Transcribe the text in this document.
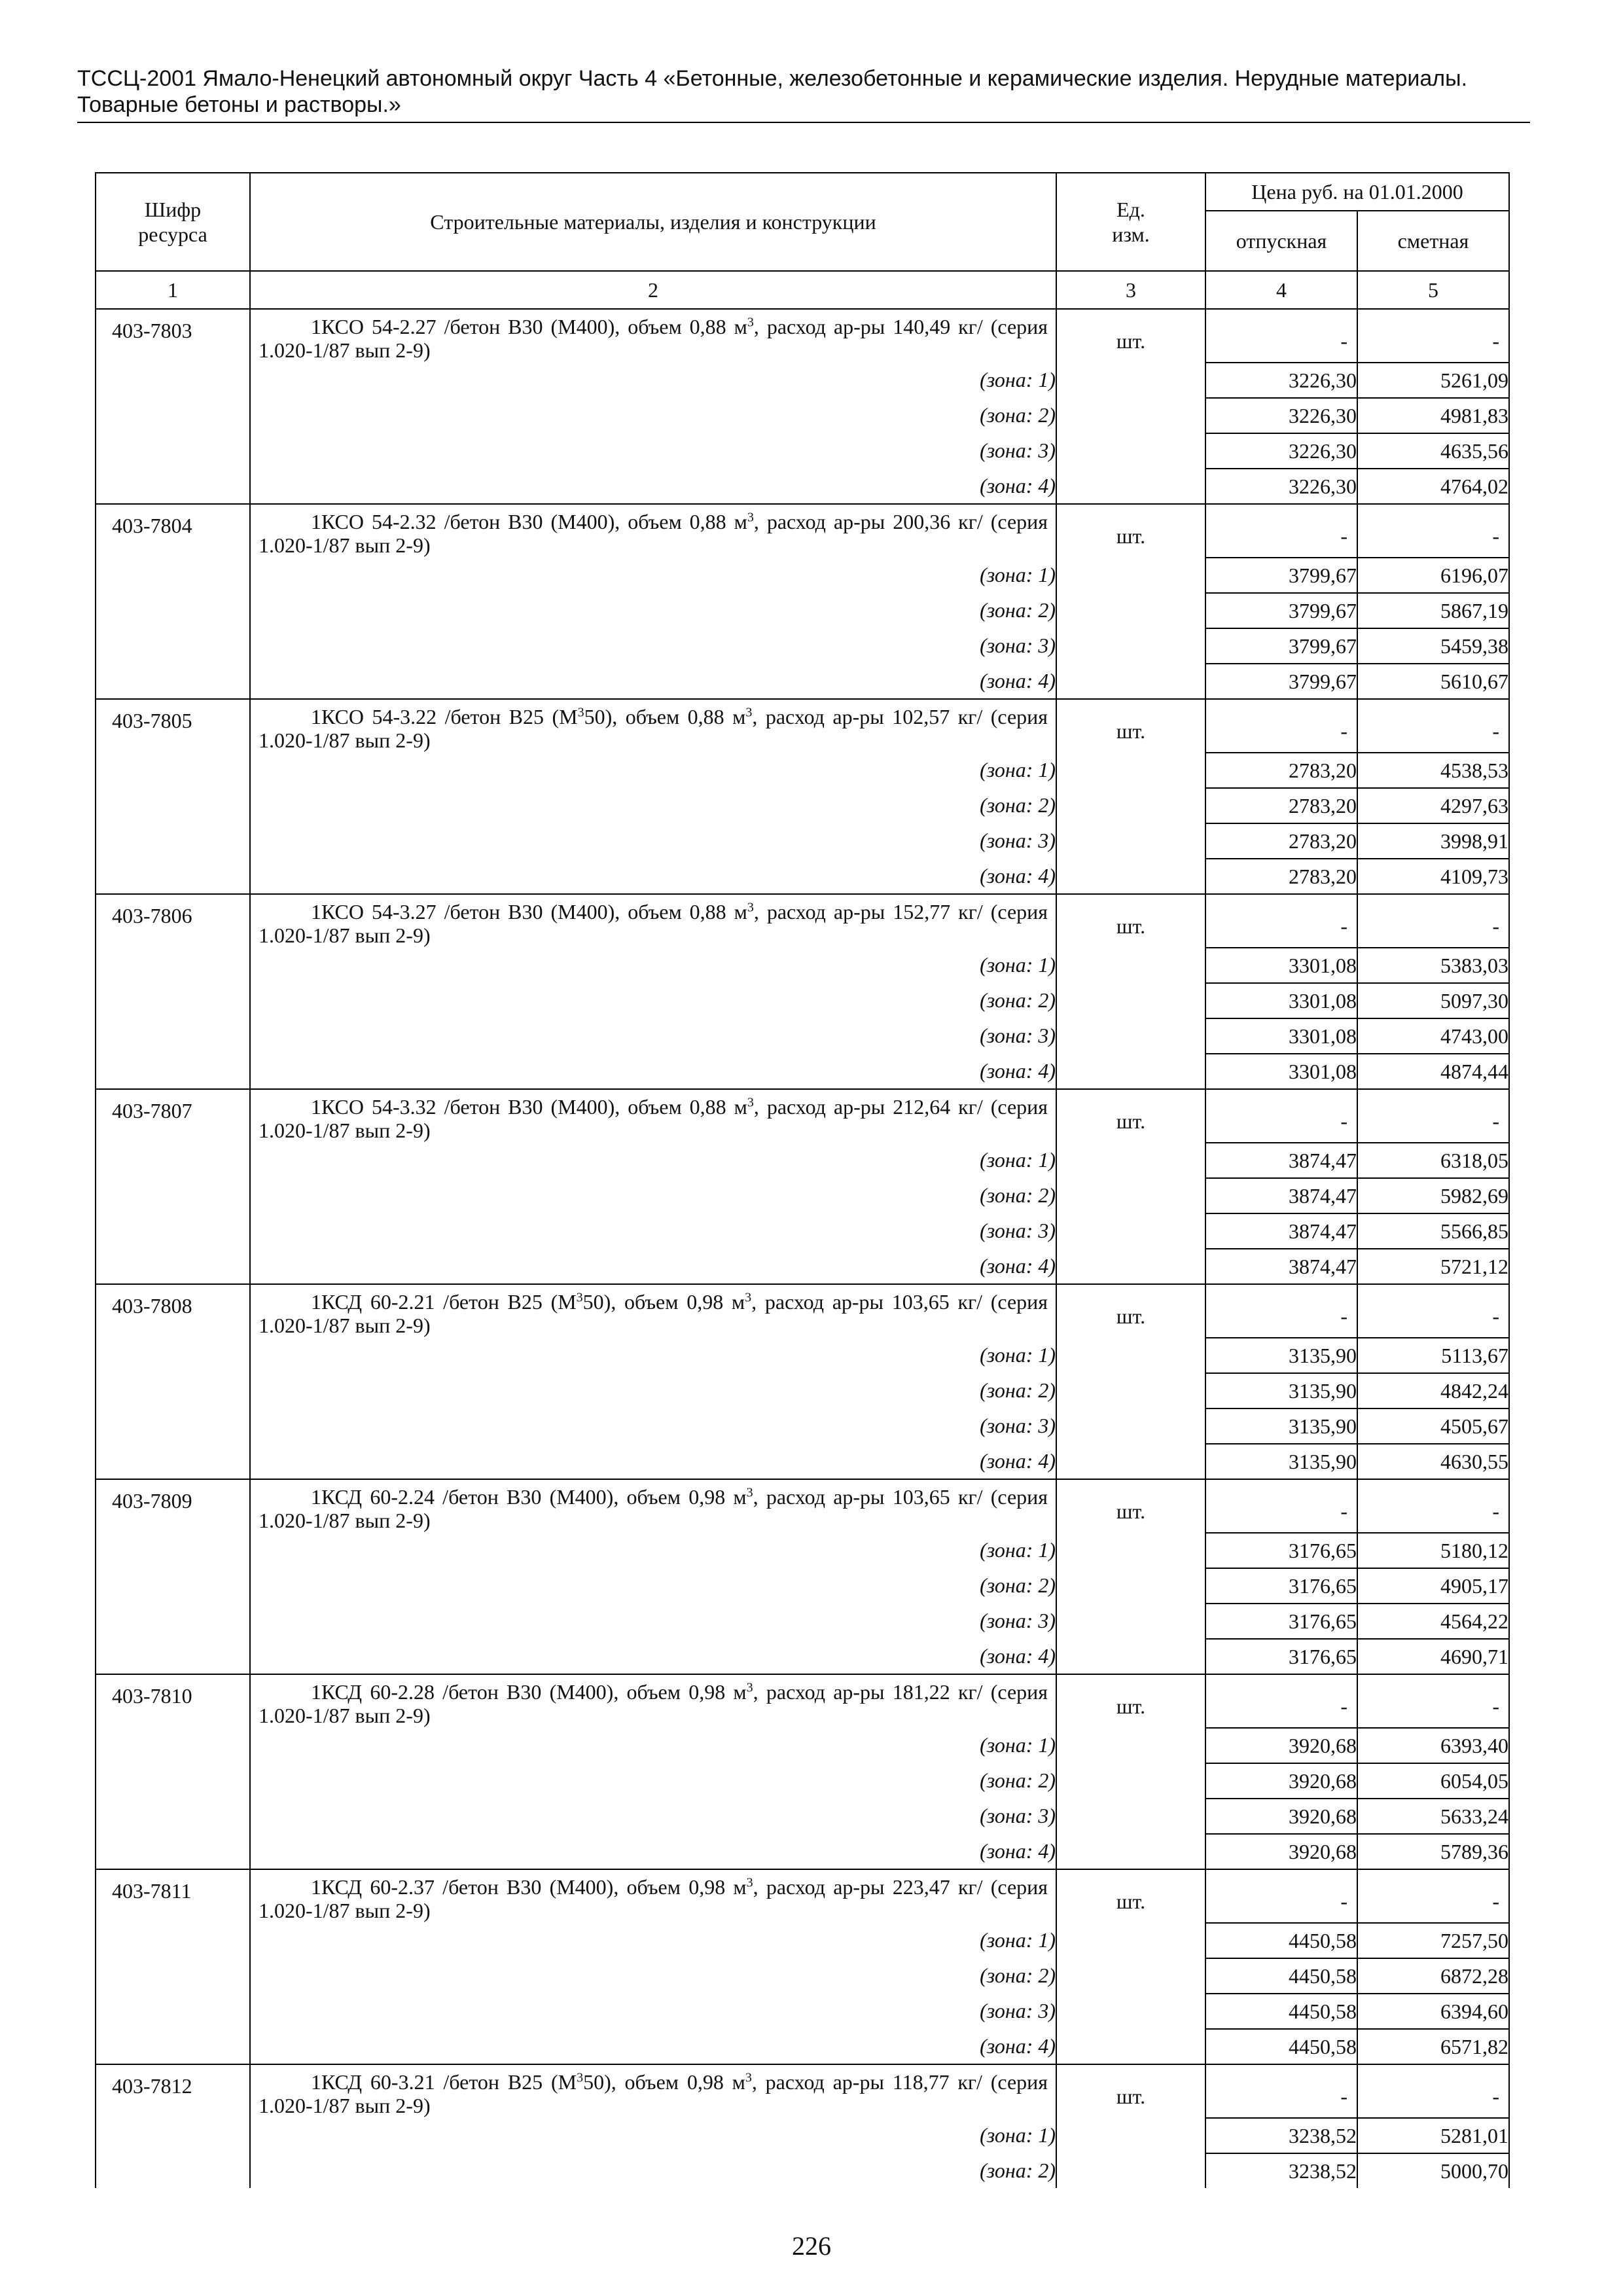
ТССЦ-2001 Ямало-Ненецкий автономный округ Часть 4 «Бетонные, железобетонные и керамические изделия. Нерудные материалы.
Товарные бетоны и растворы.»
Шифр ресурса	Строительные материалы, изделия и конструкции	Ед. изм.	Цена руб. на 01.01.2000	
			отпускная	сметная
1	2	3	4	5
403-7803	1КСО 54-2.27 /бетон В30 (М400), объем 0,88 $м^3$, расход ар-ры 140,49 кг/ (серия 1.020-1/87 вып 2-9)	шт.	-	-
	(зона: 1)		3226,30	5261,09
	(зона: 2)		3226,30	4981,83
	(зона: 3)		3226,30	4635,56
	(зона: 4)		3226,30	4764,02
403-7804	1КСО 54-2.32 /бетон В30 (М400), объем 0,88 $м^3$, расход ар-ры 200,36 кг/ (серия 1.020-1/87 вып 2-9)	шт.	-	-
	(зона: 1)		3799,67	6196,07
	(зона: 2)		3799,67	5867,19
	(зона: 3)		3799,67	5459,38
	(зона: 4)		3799,67	5610,67
403-7805	1КСО 54-3.22 /бетон В25 $(М^350)$, объем 0,88 $м^3$, расход ар-ры 102,57 кг/ (серия 1.020-1/87 вып 2-9)	шт.	-	-
	(зона: 1)		2783,20	4538,53
	(зона: 2)		2783,20	4297,63
	(зона: 3)		2783,20	3998,91
	(зона: 4)		2783,20	4109,73
403-7806	1КСО 54-3.27 /бетон В30 (М400), объем 0,88 $м^3$, расход ар-ры 152,77 кг/ (серия 1.020-1/87 вып 2-9)	шт.	-	-
	(зона: 1)		3301,08	5383,03
	(зона: 2)		3301,08	5097,30
	(зона: 3)		3301,08	4743,00
	(зона: 4)		3301,08	4874,44
403-7807	1КСО 54-3.32 /бетон В30 (М400), объем 0,88 $м^3$, расход ар-ры 212,64 кг/ (серия 1.020-1/87 вып 2-9)	шт.	-	-
	(зона: 1)		3874,47	6318,05
	(зона: 2)		3874,47	5982,69
	(зона: 3)		3874,47	5566,85
	(зона: 4)		3874,47	5721,12
403-7808	1КСД 60-2.21 /бетон В25 $(М^350)$, объем 0,98 $м^3$, расход ар-ры 103,65 кг/ (серия 1.020-1/87 вып 2-9)	шт.	-	-
	(зона: 1)		3135,90	5113,67
	(зона: 2)		3135,90	4842,24
	(зона: 3)		3135,90	4505,67
	(зона: 4)		3135,90	4630,55
403-7809	1КСД 60-2.24 /бетон В30 (М400), объем 0,98 $м^3$, расход ар-ры 103,65 кг/ (серия 1.020-1/87 вып 2-9)	шт.	-	-
	(зона: 1)		3176,65	5180,12
	(зона: 2)		3176,65	4905,17
	(зона: 3)		3176,65	4564,22
	(зона: 4)		3176,65	4690,71
403-7810	1КСД 60-2.28 /бетон В30 (М400), объем 0,98 $м^3$, расход ар-ры 181,22 кг/ (серия 1.020-1/87 вып 2-9)	шт.	-	-
	(зона: 1)		3920,68	6393,40
	(зона: 2)		3920,68	6054,05
	(зона: 3)		3920,68	5633,24
	(зона: 4)		3920,68	5789,36
403-7811	1КСД 60-2.37 /бетон В30 (М400), объем 0,98 $м^3$, расход ар-ры 223,47 кг/ (серия 1.020-1/87 вып 2-9)	шт.	-	-
	(зона: 1)		4450,58	7257,50
	(зона: 2)		4450,58	6872,28
	(зона: 3)		4450,58	6394,60
	(зона: 4)		4450,58	6571,82
403-7812	1КСД 60-3.21 /бетон В25 $(М^350)$, объем 0,98 $м^3$, расход ар-ры 118,77 кг/ (серия 1.020-1/87 вып 2-9)	шт.	-	-
	(зона: 1)		3238,52	5281,01
	(зона: 2)		3238,52	5000,70
226
